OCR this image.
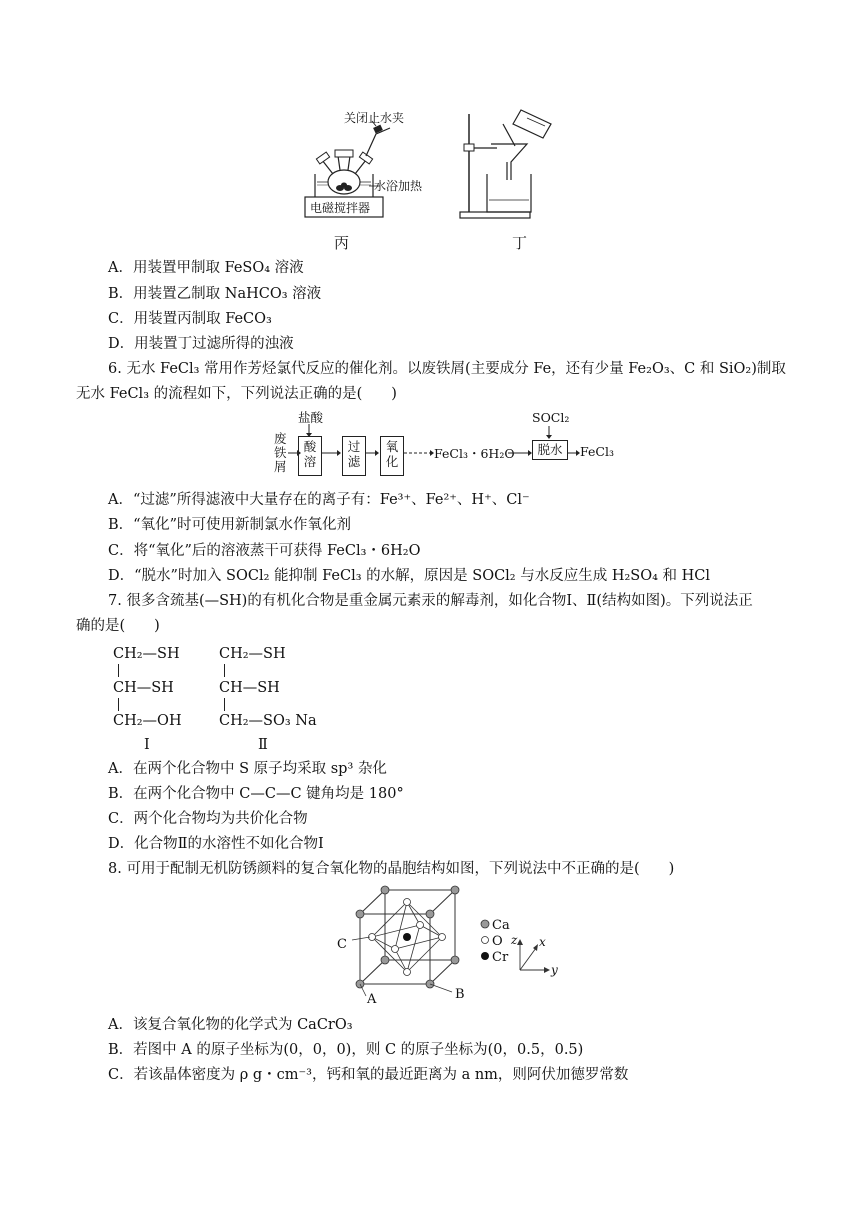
关闭止水夹
水浴加热
电磁搅拌器
丙	丁
A．用装置甲制取 FeSO₄ 溶液
B．用装置乙制取 NaHCO₃ 溶液
C．用装置丙制取 FeCO₃
D．用装置丁过滤所得的浊液
6. 无水 FeCl₃ 常用作芳烃氯代反应的催化剂。以废铁屑(主要成分 Fe，还有少量 Fe₂O₃、C 和 SiO₂)制取
无水 FeCl₃ 的流程如下，下列说法正确的是(　　)
废铁屑
盐酸
酸溶
过滤
氧化
FeCl₃・6H₂O
SOCl₂
脱水	FeCl₃
A．“过滤”所得滤液中大量存在的离子有：Fe³⁺、Fe²⁺、H⁺、Cl⁻
B．“氧化”时可使用新制氯水作氧化剂
C．将“氧化”后的溶液蒸干可获得 FeCl₃・6H₂O
D．“脱水”时加入 SOCl₂ 能抑制 FeCl₃ 的水解，原因是 SOCl₂ 与水反应生成 H₂SO₄ 和 HCl
7. 很多含巯基(—SH)的有机化合物是重金属元素汞的解毒剂，如化合物Ⅰ、Ⅱ(结构如图)。下列说法正
确的是(　　)
CH₂—SH
CH—SH
CH₂—OH
Ⅰ
CH₂—SH
CH—SH
CH₂—SO₃ Na
Ⅱ
A．在两个化合物中 S 原子均采取 sp³ 杂化
B．在两个化合物中 C—C—C 键角均是 180°
C．两个化合物均为共价化合物
D．化合物Ⅱ的水溶性不如化合物Ⅰ
8. 可用于配制无机防锈颜料的复合氧化物的晶胞结构如图，下列说法中不正确的是(　　)
C
B
A
Ca
O
Cr
z x
y
A．该复合氧化物的化学式为 CaCrO₃
B．若图中 A 的原子坐标为(0，0，0)，则 C 的原子坐标为(0，0.5，0.5)
C．若该晶体密度为 ρ g・cm⁻³，钙和氧的最近距离为 a nm，则阿伏加德罗常数
